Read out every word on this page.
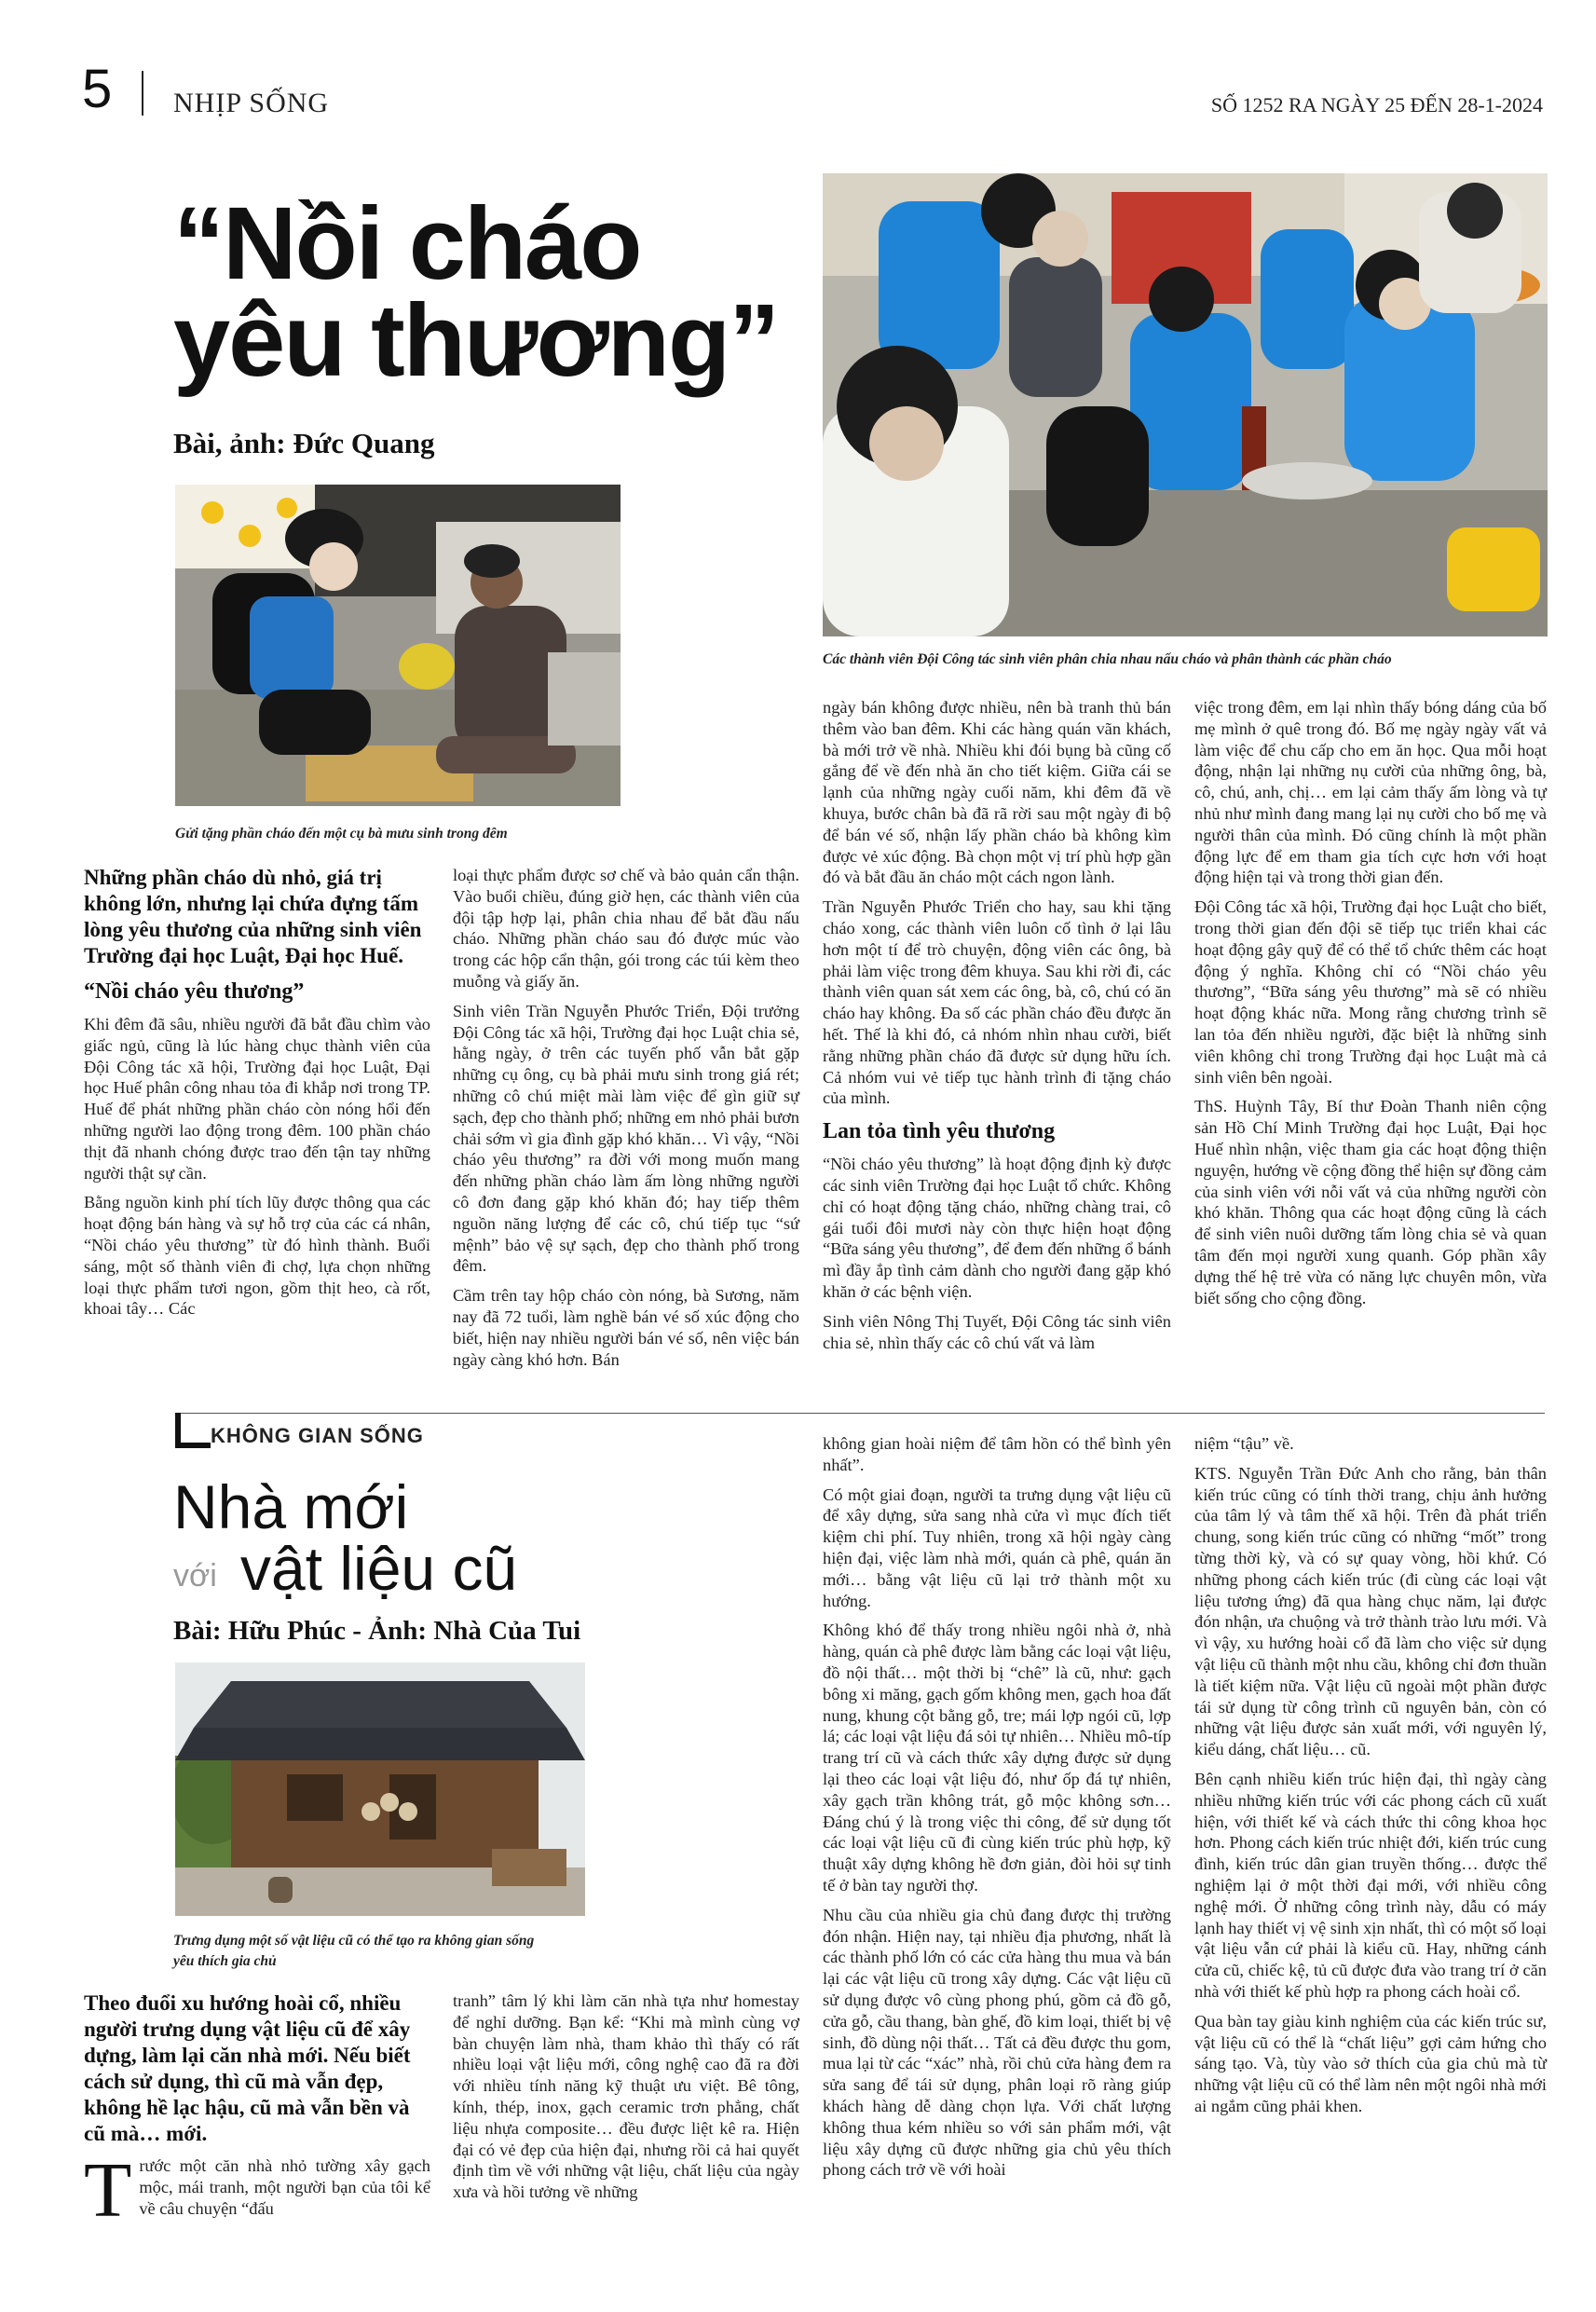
5 NHỊP SỐNG	SỐ 1252 RA NGÀY 25 ĐẾN 28-1-2024
“Nồi cháo
yêu thương”
Bài, ảnh: Đức Quang
Gửi tặng phần cháo đến một cụ bà mưu sinh trong đêm
Các thành viên Đội Công tác sinh viên phân chia nhau nấu cháo và phân thành các phần cháo

Những phần cháo dù nhỏ, giá trị không lớn, nhưng lại chứa đựng tấm lòng yêu thương của những sinh viên Trường đại học Luật, Đại học Huế.

“Nồi cháo yêu thương”

Khi đêm đã sâu, nhiều người đã bắt đầu chìm vào giấc ngủ, cũng là lúc hàng chục thành viên của Đội Công tác xã hội, Trường đại học Luật, Đại học Huế phân công nhau tỏa đi khắp nơi trong TP. Huế để phát những phần cháo còn nóng hổi đến những người lao động trong đêm. 100 phần cháo thịt đã nhanh chóng được trao đến tận tay những người thật sự cần.

Bằng nguồn kinh phí tích lũy được thông qua các hoạt động bán hàng và sự hỗ trợ của các cá nhân, “Nồi cháo yêu thương” từ đó hình thành. Buổi sáng, một số thành viên đi chợ, lựa chọn những loại thực phẩm tươi ngon, gồm thịt heo, cà rốt, khoai tây… Các

loại thực phẩm được sơ chế và bảo quản cẩn thận. Vào buổi chiều, đúng giờ hẹn, các thành viên của đội tập hợp lại, phân chia nhau để bắt đầu nấu cháo. Những phần cháo sau đó được múc vào trong các hộp cẩn thận, gói trong các túi kèm theo muỗng và giấy ăn.

Sinh viên Trần Nguyễn Phước Triển, Đội trưởng Đội Công tác xã hội, Trường đại học Luật chia sẻ, hằng ngày, ở trên các tuyến phố vẫn bắt gặp những cụ ông, cụ bà phải mưu sinh trong giá rét; những cô chú miệt mài làm việc để gìn giữ sự sạch, đẹp cho thành phố; những em nhỏ phải bươn chải sớm vì gia đình gặp khó khăn… Vì vậy, “Nồi cháo yêu thương” ra đời với mong muốn mang đến những phần cháo làm ấm lòng những người cô đơn đang gặp khó khăn đó; hay tiếp thêm nguồn năng lượng để các cô, chú tiếp tục “sứ mệnh” bảo vệ sự sạch, đẹp cho thành phố trong đêm.

Cầm trên tay hộp cháo còn nóng, bà Sương, năm nay đã 72 tuổi, làm nghề bán vé số xúc động cho biết, hiện nay nhiều người bán vé số, nên việc bán ngày càng khó hơn. Bán

ngày bán không được nhiều, nên bà tranh thủ bán thêm vào ban đêm. Khi các hàng quán vãn khách, bà mới trở về nhà. Nhiều khi đói bụng bà cũng cố gắng để về đến nhà ăn cho tiết kiệm. Giữa cái se lạnh của những ngày cuối năm, khi đêm đã về khuya, bước chân bà đã rã rời sau một ngày đi bộ để bán vé số, nhận lấy phần cháo bà không kìm được vẻ xúc động. Bà chọn một vị trí phù hợp gần đó và bắt đầu ăn cháo một cách ngon lành.

Trần Nguyễn Phước Triển cho hay, sau khi tặng cháo xong, các thành viên luôn cố tình ở lại lâu hơn một tí để trò chuyện, động viên các ông, bà phải làm việc trong đêm khuya. Sau khi rời đi, các thành viên quan sát xem các ông, bà, cô, chú có ăn cháo hay không. Đa số các phần cháo đều được ăn hết. Thế là khi đó, cả nhóm nhìn nhau cười, biết rằng những phần cháo đã được sử dụng hữu ích. Cả nhóm vui vẻ tiếp tục hành trình đi tặng cháo của mình.

Lan tỏa tình yêu thương

“Nồi cháo yêu thương” là hoạt động định kỳ được các sinh viên Trường đại học Luật tổ chức. Không chỉ có hoạt động tặng cháo, những chàng trai, cô gái tuổi đôi mươi này còn thực hiện hoạt động “Bữa sáng yêu thương”, để đem đến những ổ bánh mì đầy ắp tình cảm dành cho người đang gặp khó khăn ở các bệnh viện.

Sinh viên Nông Thị Tuyết, Đội Công tác sinh viên chia sẻ, nhìn thấy các cô chú vất vả làm

việc trong đêm, em lại nhìn thấy bóng dáng của bố mẹ mình ở quê trong đó. Bố mẹ ngày ngày vất vả làm việc để chu cấp cho em ăn học. Qua mỗi hoạt động, nhận lại những nụ cười của những ông, bà, cô, chú, anh, chị… em lại cảm thấy ấm lòng và tự nhủ như mình đang mang lại nụ cười cho bố mẹ và người thân của mình. Đó cũng chính là một phần động lực để em tham gia tích cực hơn với hoạt động hiện tại và trong thời gian đến.

Đội Công tác xã hội, Trường đại học Luật cho biết, trong thời gian đến đội sẽ tiếp tục triển khai các hoạt động gây quỹ để có thể tổ chức thêm các hoạt động ý nghĩa. Không chỉ có “Nồi cháo yêu thương”, “Bữa sáng yêu thương” mà sẽ có nhiều hoạt động khác nữa. Mong rằng chương trình sẽ lan tỏa đến nhiều người, đặc biệt là những sinh viên không chỉ trong Trường đại học Luật mà cả sinh viên bên ngoài.

ThS. Huỳnh Tây, Bí thư Đoàn Thanh niên cộng sản Hồ Chí Minh Trường đại học Luật, Đại học Huế nhìn nhận, việc tham gia các hoạt động thiện nguyện, hướng về cộng đồng thể hiện sự đồng cảm của sinh viên với nỗi vất vả của những người còn khó khăn. Thông qua các hoạt động cũng là cách để sinh viên nuôi dưỡng tấm lòng chia sẻ và quan tâm đến mọi người xung quanh. Góp phần xây dựng thế hệ trẻ vừa có năng lực chuyên môn, vừa biết sống cho cộng đồng.

KHÔNG GIAN SỐNG
Nhà mới
với vật liệu cũ
Bài: Hữu Phúc - Ảnh: Nhà Của Tui
Trưng dụng một số vật liệu cũ có thể tạo ra không gian sống
yêu thích gia chủ

Theo đuổi xu hướng hoài cổ, nhiều người trưng dụng vật liệu cũ để xây dựng, làm lại căn nhà mới. Nếu biết cách sử dụng, thì cũ mà vẫn đẹp, không hề lạc hậu, cũ mà vẫn bền và cũ mà… mới.

Trước một căn nhà nhỏ tường xây gạch mộc, mái tranh, một người bạn của tôi kể về câu chuyện “đấu

tranh” tâm lý khi làm căn nhà tựa như homestay để nghỉ dưỡng. Bạn kể: “Khi mà mình cùng vợ bàn chuyện làm nhà, tham khảo thì thấy có rất nhiều loại vật liệu mới, công nghệ cao đã ra đời với nhiều tính năng kỹ thuật ưu việt. Bê tông, kính, thép, inox, gạch ceramic trơn phẳng, chất liệu nhựa composite… đều được liệt kê ra. Hiện đại có vẻ đẹp của hiện đại, nhưng rồi cả hai quyết định tìm về với những vật liệu, chất liệu của ngày xưa và hồi tưởng về những

không gian hoài niệm để tâm hồn có thể bình yên nhất”.

Có một giai đoạn, người ta trưng dụng vật liệu cũ để xây dựng, sửa sang nhà cửa vì mục đích tiết kiệm chi phí. Tuy nhiên, trong xã hội ngày càng hiện đại, việc làm nhà mới, quán cà phê, quán ăn mới… bằng vật liệu cũ lại trở thành một xu hướng.

Không khó để thấy trong nhiều ngôi nhà ở, nhà hàng, quán cà phê được làm bằng các loại vật liệu, đồ nội thất… một thời bị “chê” là cũ, như: gạch bông xi măng, gạch gốm không men, gạch hoa đất nung, khung cột bằng gỗ, tre; mái lợp ngói cũ, lợp lá; các loại vật liệu đá sỏi tự nhiên… Nhiều mô-típ trang trí cũ và cách thức xây dựng được sử dụng lại theo các loại vật liệu đó, như ốp đá tự nhiên, xây gạch trần không trát, gỗ mộc không sơn… Đáng chú ý là trong việc thi công, để sử dụng tốt các loại vật liệu cũ đi cùng kiến trúc phù hợp, kỹ thuật xây dựng không hề đơn giản, đòi hỏi sự tinh tế ở bàn tay người thợ.

Nhu cầu của nhiều gia chủ đang được thị trường đón nhận. Hiện nay, tại nhiều địa phương, nhất là các thành phố lớn có các cửa hàng thu mua và bán lại các vật liệu cũ trong xây dựng. Các vật liệu cũ sử dụng được vô cùng phong phú, gồm cả đồ gỗ, cửa gỗ, cầu thang, bàn ghế, đồ kim loại, thiết bị vệ sinh, đồ dùng nội thất… Tất cả đều được thu gom, mua lại từ các “xác” nhà, rồi chủ cửa hàng đem ra sửa sang để tái sử dụng, phân loại rõ ràng giúp khách hàng dễ dàng chọn lựa. Với chất lượng không thua kém nhiều so với sản phẩm mới, vật liệu xây dựng cũ được những gia chủ yêu thích phong cách trở về với hoài

niệm “tậu” về.

KTS. Nguyễn Trần Đức Anh cho rằng, bản thân kiến trúc cũng có tính thời trang, chịu ảnh hưởng của tâm lý và tâm thế xã hội. Trên đà phát triển chung, song kiến trúc cũng có những “mốt” trong từng thời kỳ, và có sự quay vòng, hồi khứ. Có những phong cách kiến trúc (đi cùng các loại vật liệu tương ứng) đã qua hàng chục năm, lại được đón nhận, ưa chuộng và trở thành trào lưu mới. Và vì vậy, xu hướng hoài cổ đã làm cho việc sử dụng vật liệu cũ thành một nhu cầu, không chỉ đơn thuần là tiết kiệm nữa. Vật liệu cũ ngoài một phần được tái sử dụng từ công trình cũ nguyên bản, còn có những vật liệu được sản xuất mới, với nguyên lý, kiểu dáng, chất liệu… cũ.

Bên cạnh nhiều kiến trúc hiện đại, thì ngày càng nhiều những kiến trúc với các phong cách cũ xuất hiện, với thiết kế và cách thức thi công khoa học hơn. Phong cách kiến trúc nhiệt đới, kiến trúc cung đình, kiến trúc dân gian truyền thống… được thể nghiệm lại ở một thời đại mới, với nhiều công nghệ mới. Ở những công trình này, dẫu có máy lạnh hay thiết vị vệ sinh xịn nhất, thì có một số loại vật liệu vẫn cứ phải là kiểu cũ. Hay, những cánh cửa cũ, chiếc kệ, tủ cũ được đưa vào trang trí ở căn nhà với thiết kế phù hợp ra phong cách hoài cổ.

Qua bàn tay giàu kinh nghiệm của các kiến trúc sư, vật liệu cũ có thể là “chất liệu” gợi cảm hứng cho sáng tạo. Và, tùy vào sở thích của gia chủ mà từ những vật liệu cũ có thể làm nên một ngôi nhà mới ai ngắm cũng phải khen.
